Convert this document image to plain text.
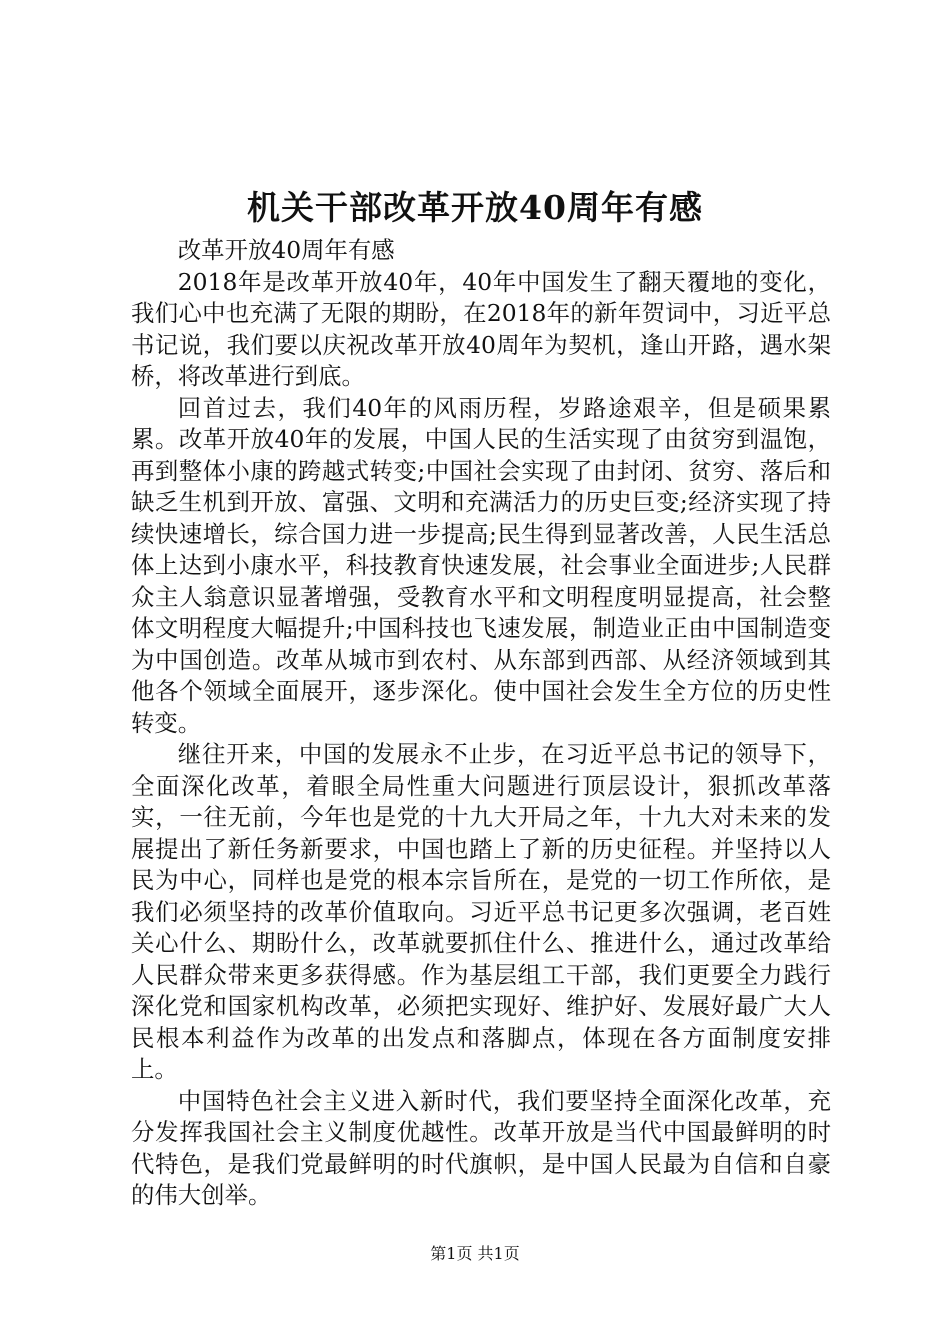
机关干部改革开放40周年有感

改革开放40周年有感

2018年是改革开放40年，40年中国发生了翻天覆地的变化，我们心中也充满了无限的期盼，在2018年的新年贺词中，习近平总书记说，我们要以庆祝改革开放40周年为契机，逢山开路，遇水架桥，将改革进行到底。

回首过去，我们40年的风雨历程，岁路途艰辛，但是硕果累累。改革开放40年的发展，中国人民的生活实现了由贫穷到温饱，再到整体小康的跨越式转变;中国社会实现了由封闭、贫穷、落后和缺乏生机到开放、富强、文明和充满活力的历史巨变;经济实现了持续快速增长，综合国力进一步提高;民生得到显著改善，人民生活总体上达到小康水平，科技教育快速发展，社会事业全面进步;人民群众主人翁意识显著增强，受教育水平和文明程度明显提高，社会整体文明程度大幅提升;中国科技也飞速发展，制造业正由中国制造变为中国创造。改革从城市到农村、从东部到西部、从经济领域到其他各个领域全面展开，逐步深化。使中国社会发生全方位的历史性转变。

继往开来，中国的发展永不止步，在习近平总书记的领导下，全面深化改革，着眼全局性重大问题进行顶层设计，狠抓改革落实，一往无前，今年也是党的十九大开局之年，十九大对未来的发展提出了新任务新要求，中国也踏上了新的历史征程。并坚持以人民为中心，同样也是党的根本宗旨所在，是党的一切工作所依，是我们必须坚持的改革价值取向。习近平总书记更多次强调，老百姓关心什么、期盼什么，改革就要抓住什么、推进什么，通过改革给人民群众带来更多获得感。作为基层组工干部，我们更要全力践行深化党和国家机构改革，必须把实现好、维护好、发展好最广大人民根本利益作为改革的出发点和落脚点，体现在各方面制度安排上。

中国特色社会主义进入新时代，我们要坚持全面深化改革，充分发挥我国社会主义制度优越性。改革开放是当代中国最鲜明的时代特色，是我们党最鲜明的时代旗帜，是中国人民最为自信和自豪的伟大创举。

第1页 共1页
